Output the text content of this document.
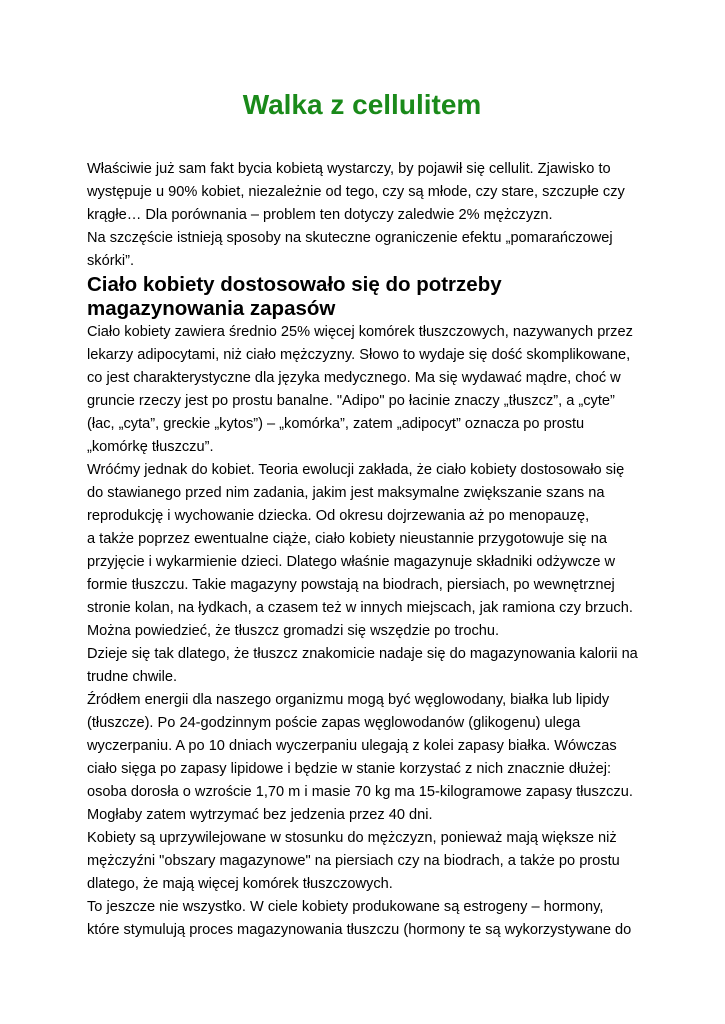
Walka z cellulitem

Właściwie już sam fakt bycia kobietą wystarczy, by pojawił się cellulit. Zjawisko to

występuje u 90% kobiet, niezależnie od tego, czy są młode, czy stare, szczupłe czy

krągłe… Dla porównania – problem ten dotyczy zaledwie 2% mężczyzn.

Na szczęście istnieją sposoby na skuteczne ograniczenie efektu „pomarańczowej

skórki”.

Ciało kobiety dostosowało się do potrzeby

magazynowania zapasów

Ciało kobiety zawiera średnio 25% więcej komórek tłuszczowych, nazywanych przez

lekarzy adipocytami, niż ciało mężczyzny. Słowo to wydaje się dość skomplikowane,

co jest charakterystyczne dla języka medycznego. Ma się wydawać mądre, choć w

gruncie rzeczy jest po prostu banalne. "Adipo" po łacinie znaczy „tłuszcz”, a „cyte”

(łac, „cyta”, greckie „kytos”) – „komórka”, zatem „adipocyt” oznacza po prostu

„komórkę tłuszczu”.

Wróćmy jednak do kobiet. Teoria ewolucji zakłada, że ciało kobiety dostosowało się

do stawianego przed nim zadania, jakim jest maksymalne zwiększanie szans na

reprodukcję i wychowanie dziecka. Od okresu dojrzewania aż po menopauzę,

a także poprzez ewentualne ciąże, ciało kobiety nieustannie przygotowuje się na

przyjęcie i wykarmienie dzieci. Dlatego właśnie magazynuje składniki odżywcze w

formie tłuszczu. Takie magazyny powstają na biodrach, piersiach, po wewnętrznej

stronie kolan, na łydkach, a czasem też w innych miejscach, jak ramiona czy brzuch.

Można powiedzieć, że tłuszcz gromadzi się wszędzie po trochu.

Dzieje się tak dlatego, że tłuszcz znakomicie nadaje się do magazynowania kalorii na

trudne chwile.

Źródłem energii dla naszego organizmu mogą być węglowodany, białka lub lipidy

(tłuszcze). Po 24-godzinnym poście zapas węglowodanów (glikogenu) ulega

wyczerpaniu. A po 10 dniach wyczerpaniu ulegają z kolei zapasy białka. Wówczas

ciało sięga po zapasy lipidowe i będzie w stanie korzystać z nich znacznie dłużej:

osoba dorosła o wzroście 1,70 m i masie 70 kg ma 15-kilogramowe zapasy tłuszczu.

Mogłaby zatem wytrzymać bez jedzenia przez 40 dni.

Kobiety są uprzywilejowane w stosunku do mężczyzn, ponieważ mają większe niż

mężczyźni "obszary magazynowe" na piersiach czy na biodrach, a także po prostu

dlatego, że mają więcej komórek tłuszczowych.

To jeszcze nie wszystko. W ciele kobiety produkowane są estrogeny – hormony,

które stymulują proces magazynowania tłuszczu (hormony te są wykorzystywane do
